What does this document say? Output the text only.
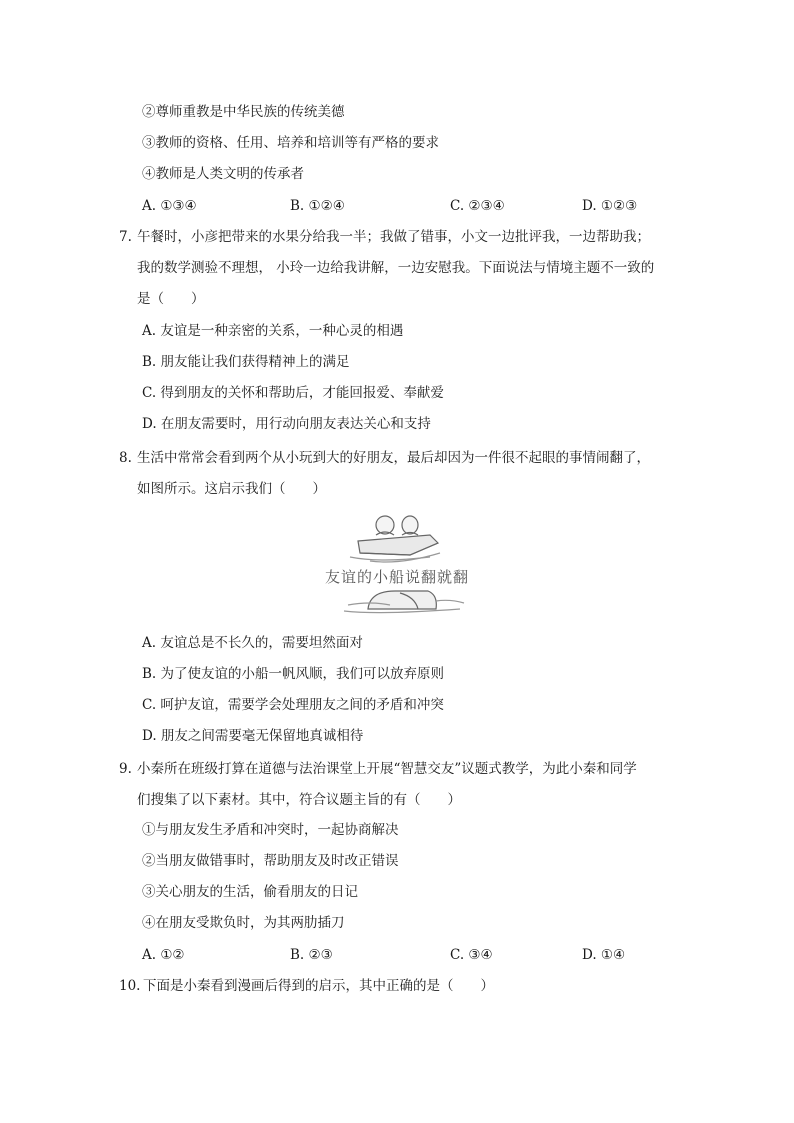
②尊师重教是中华民族的传统美德
③教师的资格、任用、培养和培训等有严格的要求
④教师是人类文明的传承者
A. ①③④	B. ①②④	C. ②③④	D. ①②③
7. 午餐时，小彦把带来的水果分给我一半；我做了错事，小文一边批评我，一边帮助我；
我的数学测验不理想， 小玲一边给我讲解，一边安慰我。下面说法与情境主题不一致的
是（　　）
A. 友谊是一种亲密的关系，一种心灵的相遇
B. 朋友能让我们获得精神上的满足
C. 得到朋友的关怀和帮助后，才能回报爱、奉献爱
D. 在朋友需要时，用行动向朋友表达关心和支持
8. 生活中常常会看到两个从小玩到大的好朋友，最后却因为一件很不起眼的事情闹翻了，
如图所示。这启示我们（　　）
友谊的小船说翻就翻
A. 友谊总是不长久的，需要坦然面对
B. 为了使友谊的小船一帆风顺，我们可以放弃原则
C. 呵护友谊，需要学会处理朋友之间的矛盾和冲突
D. 朋友之间需要毫无保留地真诚相待
9. 小秦所在班级打算在道德与法治课堂上开展“智慧交友”议题式教学，为此小秦和同学
们搜集了以下素材。其中，符合议题主旨的有（　　）
①与朋友发生矛盾和冲突时，一起协商解决
②当朋友做错事时，帮助朋友及时改正错误
③关心朋友的生活，偷看朋友的日记
④在朋友受欺负时，为其两肋插刀
A. ①②	B. ②③	C. ③④	D. ①④
10. 下面是小秦看到漫画后得到的启示，其中正确的是（　　）
